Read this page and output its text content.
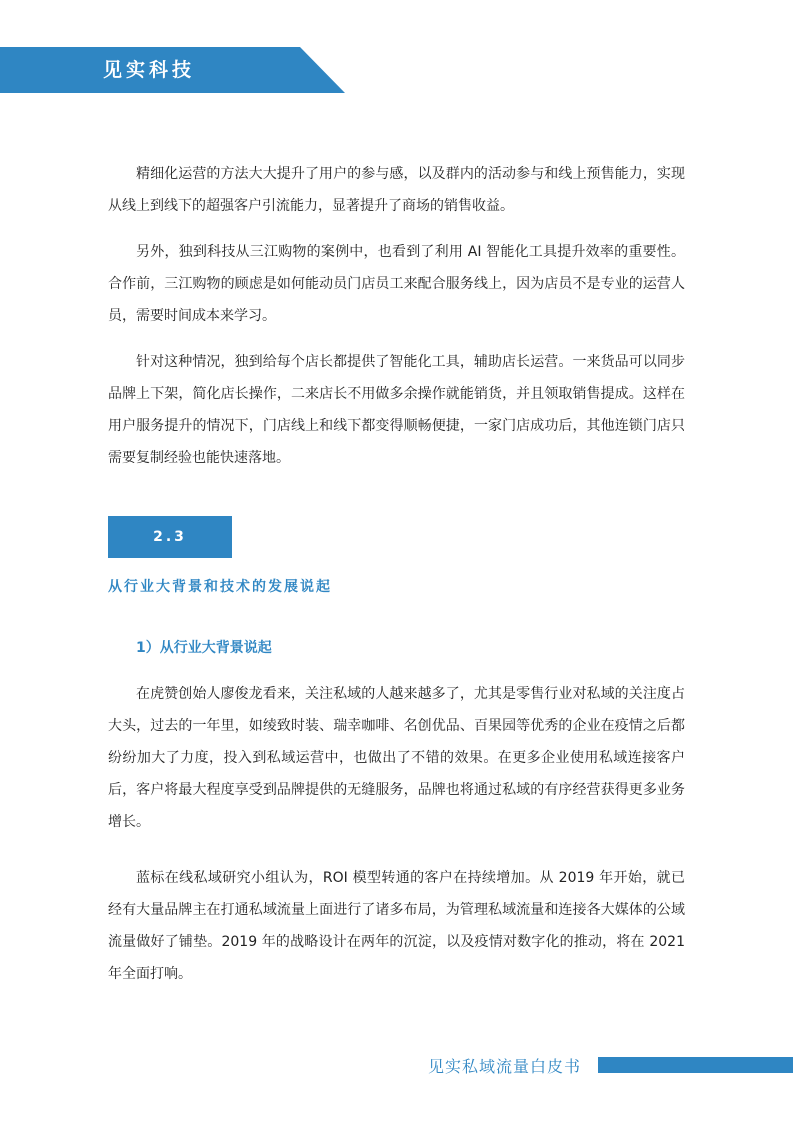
见实科技

精细化运营的方法大大提升了用户的参与感，以及群内的活动参与和线上预售能力，实现从线上到线下的超强客户引流能力，显著提升了商场的销售收益。

另外，独到科技从三江购物的案例中，也看到了利用 AI 智能化工具提升效率的重要性。合作前，三江购物的顾虑是如何能动员门店员工来配合服务线上，因为店员不是专业的运营人员，需要时间成本来学习。

针对这种情况，独到给每个店长都提供了智能化工具，辅助店长运营。一来货品可以同步品牌上下架，简化店长操作，二来店长不用做多余操作就能销货，并且领取销售提成。这样在用户服务提升的情况下，门店线上和线下都变得顺畅便捷，一家门店成功后，其他连锁门店只需要复制经验也能快速落地。

2.3
从行业大背景和技术的发展说起
1）从行业大背景说起

在虎赞创始人廖俊龙看来，关注私域的人越来越多了，尤其是零售行业对私域的关注度占大头，过去的一年里，如绫致时装、瑞幸咖啡、名创优品、百果园等优秀的企业在疫情之后都纷纷加大了力度，投入到私域运营中，也做出了不错的效果。在更多企业使用私域连接客户后，客户将最大程度享受到品牌提供的无缝服务，品牌也将通过私域的有序经营获得更多业务增长。

蓝标在线私域研究小组认为，ROI 模型转通的客户在持续增加。从 2019 年开始，就已经有大量品牌主在打通私域流量上面进行了诸多布局，为管理私域流量和连接各大媒体的公域流量做好了铺垫。2019 年的战略设计在两年的沉淀，以及疫情对数字化的推动，将在 2021 年全面打响。

见实私域流量白皮书
